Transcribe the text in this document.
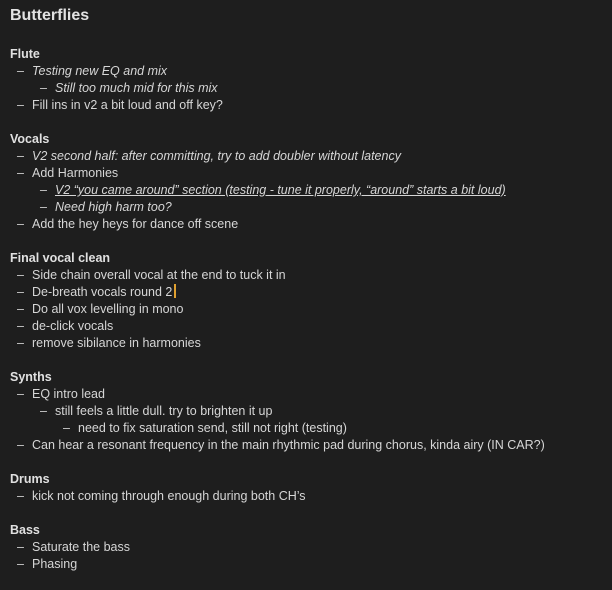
Butterflies
Flute
– Testing new EQ and mix
– Still too much mid for this mix
– Fill ins in v2 a bit loud and off key?
Vocals
– V2 second half: after committing, try to add doubler without latency
– Add Harmonies
– V2 “you came around” section (testing - tune it properly, “around” starts a bit loud)
– Need high harm too?
– Add the hey heys for dance off scene
Final vocal clean
– Side chain overall vocal at the end to tuck it in
– De-breath vocals round 2
– Do all vox levelling in mono
– de-click vocals
– remove sibilance in harmonies
Synths
– EQ intro lead
– still feels a little dull. try to brighten it up
– need to fix saturation send, still not right (testing)
– Can hear a resonant frequency in the main rhythmic pad during chorus, kinda airy (IN CAR?)
Drums
– kick not coming through enough during both CH’s
Bass
– Saturate the bass
– Phasing
